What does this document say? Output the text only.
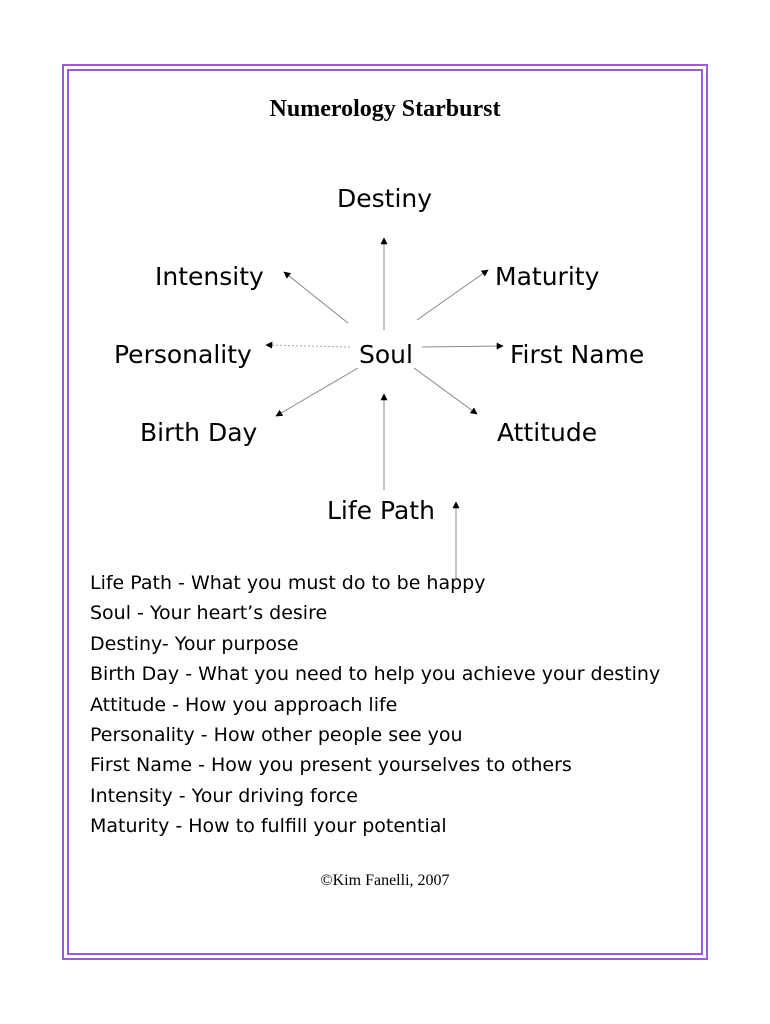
Numerology Starburst
Destiny
Intensity	Maturity
Personality	Soul	First Name
Birth Day	Attitude
Life Path
Life Path - What you must do to be happy
Soul - Your heart’s desire
Destiny- Your purpose
Birth Day - What you need to help you achieve your destiny
Attitude - How you approach life
Personality - How other people see you
First Name - How you present yourselves to others
Intensity - Your driving force
Maturity - How to fulfill your potential
©Kim Fanelli, 2007
